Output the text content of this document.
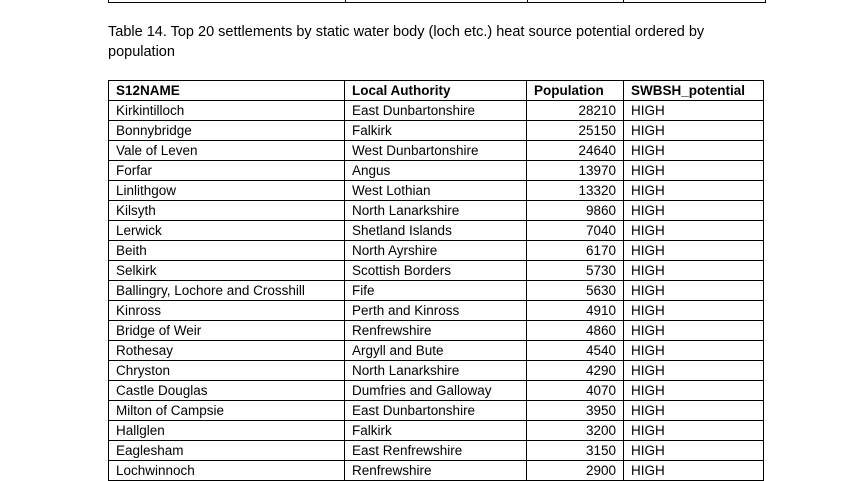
Table 14. Top 20 settlements by static water body (loch etc.) heat source potential ordered by population
S12NAME	Local Authority	Population	SWBSH_potential
Kirkintilloch	East Dunbartonshire	28210	HIGH
Bonnybridge	Falkirk	25150	HIGH
Vale of Leven	West Dunbartonshire	24640	HIGH
Forfar	Angus	13970	HIGH
Linlithgow	West Lothian	13320	HIGH
Kilsyth	North Lanarkshire	9860	HIGH
Lerwick	Shetland Islands	7040	HIGH
Beith	North Ayrshire	6170	HIGH
Selkirk	Scottish Borders	5730	HIGH
Ballingry, Lochore and Crosshill	Fife	5630	HIGH
Kinross	Perth and Kinross	4910	HIGH
Bridge of Weir	Renfrewshire	4860	HIGH
Rothesay	Argyll and Bute	4540	HIGH
Chryston	North Lanarkshire	4290	HIGH
Castle Douglas	Dumfries and Galloway	4070	HIGH
Milton of Campsie	East Dunbartonshire	3950	HIGH
Hallglen	Falkirk	3200	HIGH
Eaglesham	East Renfrewshire	3150	HIGH
Lochwinnoch	Renfrewshire	2900	HIGH
